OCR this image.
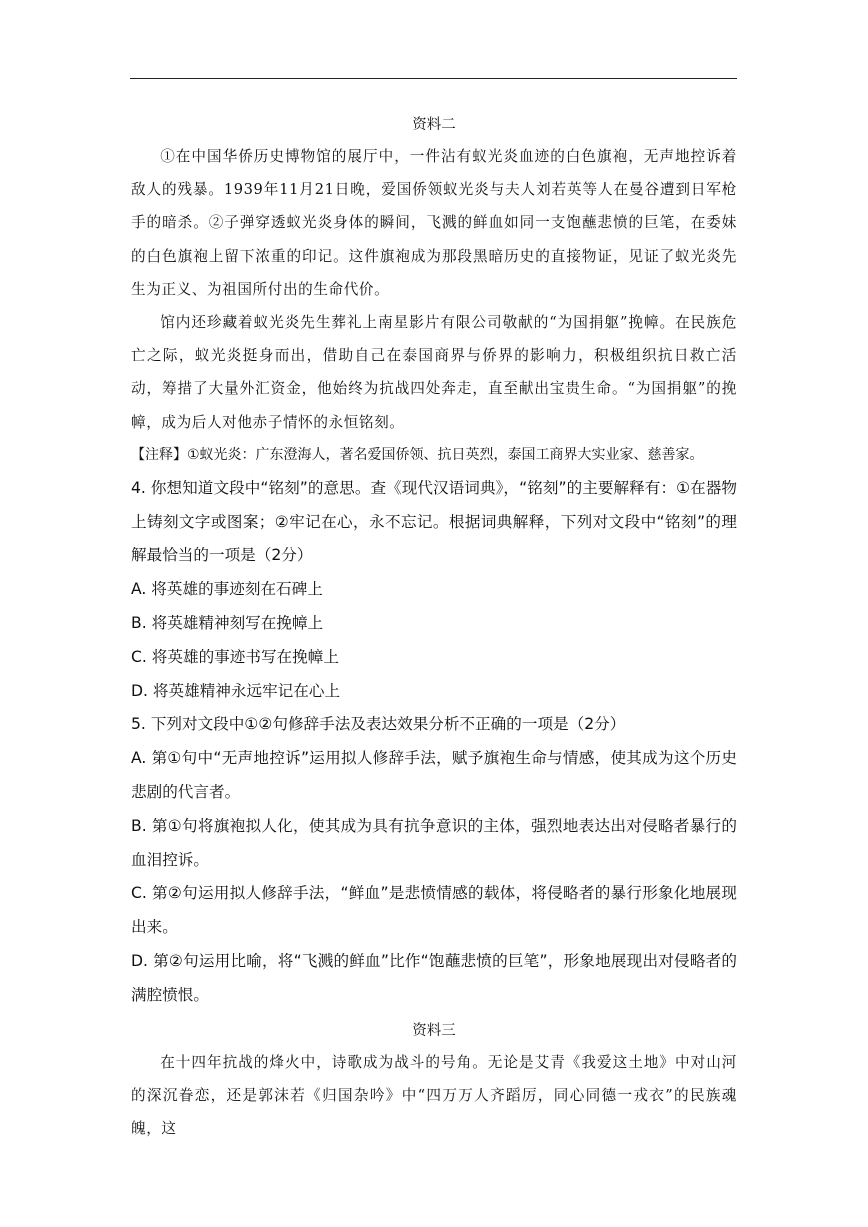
资料二

①在中国华侨历史博物馆的展厅中，一件沾有蚁光炎血迹的白色旗袍，无声地控诉着敌人的残暴。1939年11月21日晚，爱国侨领蚁光炎与夫人刘若英等人在曼谷遭到日军枪手的暗杀。②子弹穿透蚁光炎身体的瞬间，飞溅的鲜血如同一支饱蘸悲愤的巨笔，在委妹的白色旗袍上留下浓重的印记。这件旗袍成为那段黑暗历史的直接物证，见证了蚁光炎先生为正义、为祖国所付出的生命代价。

馆内还珍藏着蚁光炎先生葬礼上南星影片有限公司敬献的“为国捐躯”挽幛。在民族危亡之际，蚁光炎挺身而出，借助自己在泰国商界与侨界的影响力，积极组织抗日救亡活动，筹措了大量外汇资金，他始终为抗战四处奔走，直至献出宝贵生命。“为国捐躯”的挽幛，成为后人对他赤子情怀的永恒铭刻。

【注释】①蚁光炎：广东澄海人，著名爱国侨领、抗日英烈，泰国工商界大实业家、慈善家。

4. 你想知道文段中“铭刻”的意思。查《现代汉语词典》，“铭刻”的主要解释有：①在器物上铸刻文字或图案；②牢记在心，永不忘记。根据词典解释，下列对文段中“铭刻”的理解最恰当的一项是（2分）

A. 将英雄的事迹刻在石碑上

B. 将英雄精神刻写在挽幛上

C. 将英雄的事迹书写在挽幛上

D. 将英雄精神永远牢记在心上

5. 下列对文段中①②句修辞手法及表达效果分析不正确的一项是（2分）

A. 第①句中“无声地控诉”运用拟人修辞手法，赋予旗袍生命与情感，使其成为这个历史悲剧的代言者。

B. 第①句将旗袍拟人化，使其成为具有抗争意识的主体，强烈地表达出对侵略者暴行的血泪控诉。

C. 第②句运用拟人修辞手法，“鲜血”是悲愤情感的载体，将侵略者的暴行形象化地展现出来。

D. 第②句运用比喻，将“飞溅的鲜血”比作“饱蘸悲愤的巨笔”，形象地展现出对侵略者的满腔愤恨。

资料三

在十四年抗战的烽火中，诗歌成为战斗的号角。无论是艾青《我爱这土地》中对山河的深沉眷恋，还是郭沫若《归国杂吟》中“四万万人齐蹈厉，同心同德一戎衣”的民族魂魄，这
